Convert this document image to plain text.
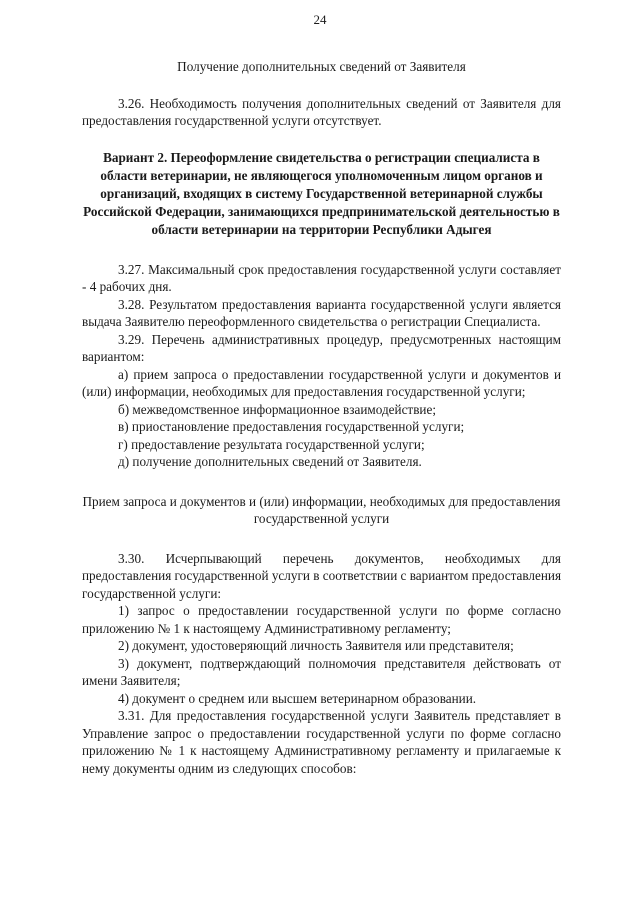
24

Получение дополнительных сведений от Заявителя

3.26. Необходимость получения дополнительных сведений от Заявителя для предоставления государственной услуги отсутствует.

Вариант 2. Переоформление свидетельства о регистрации специалиста в области ветеринарии, не являющегося уполномоченным лицом органов и организаций, входящих в систему Государственной ветеринарной службы Российской Федерации, занимающихся предпринимательской деятельностью в области ветеринарии на территории Республики Адыгея

3.27. Максимальный срок предоставления государственной услуги составляет - 4 рабочих дня.

3.28. Результатом предоставления варианта государственной услуги является выдача Заявителю переоформленного свидетельства о регистрации Специалиста.

3.29. Перечень административных процедур, предусмотренных настоящим вариантом:

а) прием запроса о предоставлении государственной услуги и документов и (или) информации, необходимых для предоставления государственной услуги;

б) межведомственное информационное взаимодействие;

в) приостановление предоставления государственной услуги;

г) предоставление результата государственной услуги;

д) получение дополнительных сведений от Заявителя.

Прием запроса и документов и (или) информации, необходимых для предоставления государственной услуги

3.30. Исчерпывающий перечень документов, необходимых для предоставления государственной услуги в соответствии с вариантом предоставления государственной услуги:

1) запрос о предоставлении государственной услуги по форме согласно приложению № 1 к настоящему Административному регламенту;

2) документ, удостоверяющий личность Заявителя или представителя;

3) документ, подтверждающий полномочия представителя действовать от имени Заявителя;

4) документ о среднем или высшем ветеринарном образовании.

3.31. Для предоставления государственной услуги Заявитель представляет в Управление запрос о предоставлении государственной услуги по форме согласно приложению № 1 к настоящему Административному регламенту и прилагаемые к нему документы одним из следующих способов:
